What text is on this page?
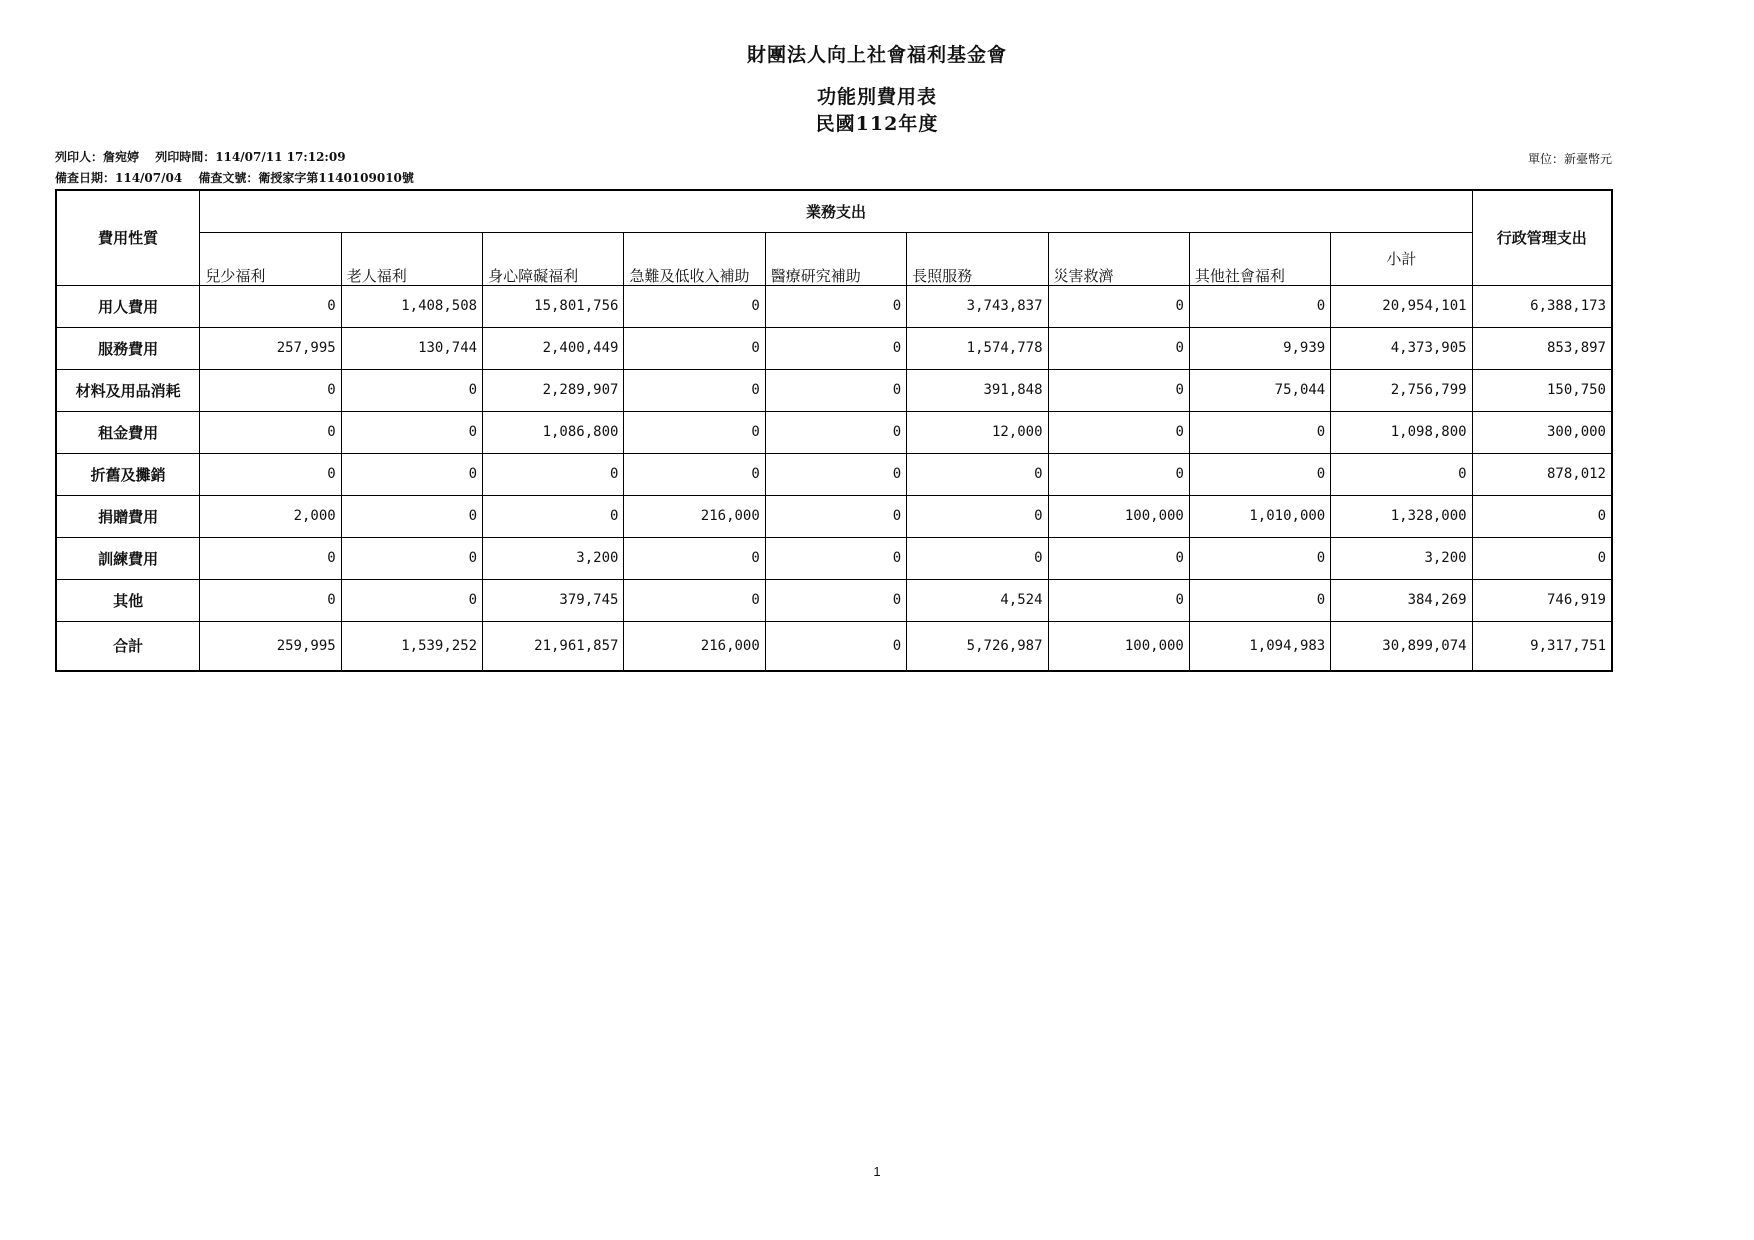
財團法人向上社會福利基金會
功能別費用表
民國112年度
列印人：詹宛婷 列印時間：114/07/11 17:12:09
備查日期：114/07/04 備查文號：衛授家字第1140109010號
單位：新臺幣元
費用性質	業務支出									行政管理支出
	兒少福利	老人福利	身心障礙福利	急難及低收入補助	醫療研究補助	長照服務	災害救濟	其他社會福利	小計	
用人費用	0	1,408,508	15,801,756	0	0	3,743,837	0	0	20,954,101	6,388,173
服務費用	257,995	130,744	2,400,449	0	0	1,574,778	0	9,939	4,373,905	853,897
材料及用品消耗	0	0	2,289,907	0	0	391,848	0	75,044	2,756,799	150,750
租金費用	0	0	1,086,800	0	0	12,000	0	0	1,098,800	300,000
折舊及攤銷	0	0	0	0	0	0	0	0	0	878,012
捐贈費用	2,000	0	0	216,000	0	0	100,000	1,010,000	1,328,000	0
訓練費用	0	0	3,200	0	0	0	0	0	3,200	0
其他	0	0	379,745	0	0	4,524	0	0	384,269	746,919
合計	259,995	1,539,252	21,961,857	216,000	0	5,726,987	100,000	1,094,983	30,899,074	9,317,751
1
